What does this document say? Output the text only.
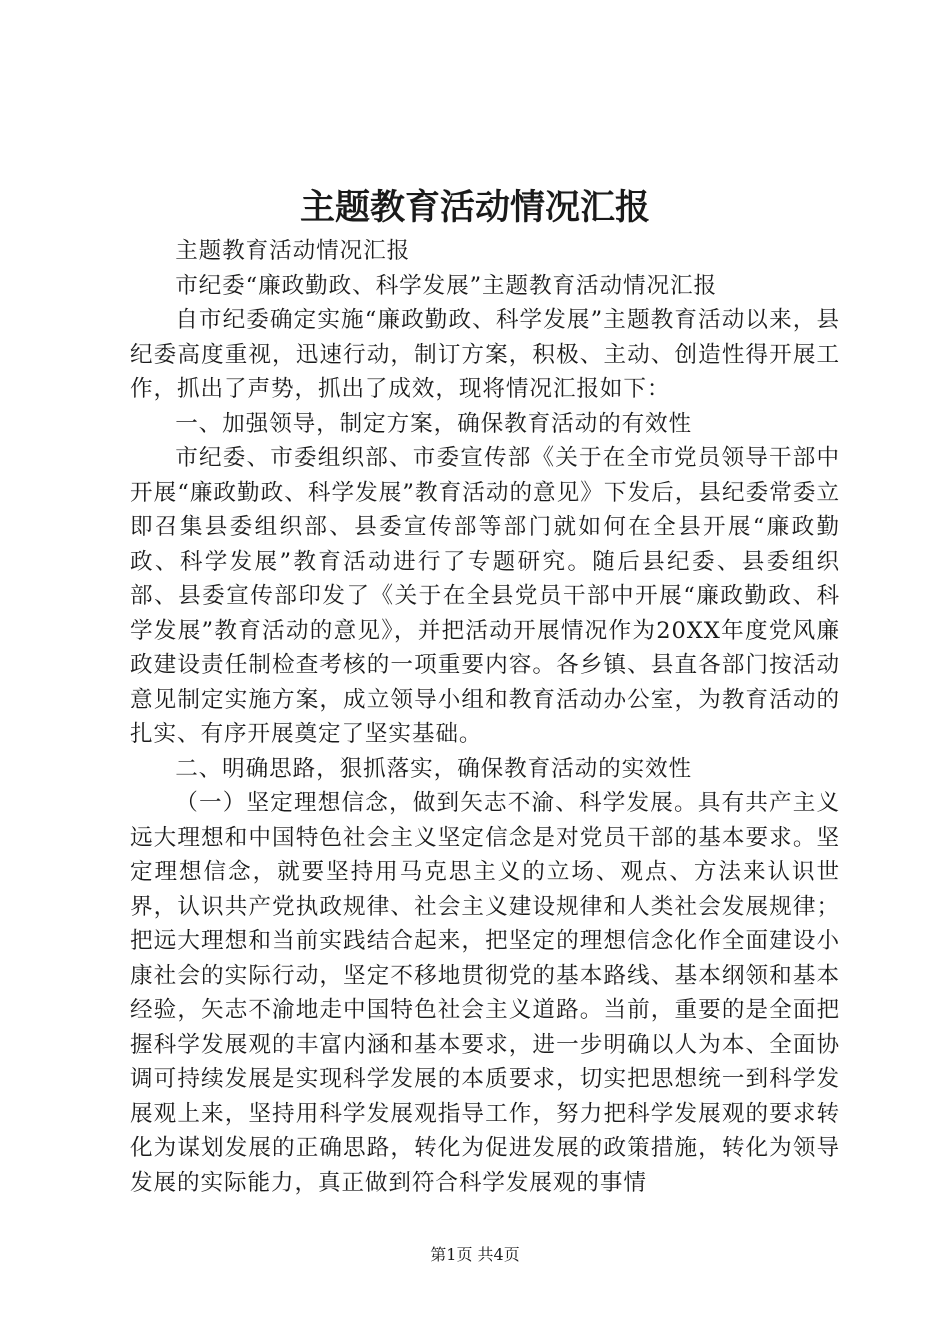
主题教育活动情况汇报

主题教育活动情况汇报

市纪委“廉政勤政、科学发展”主题教育活动情况汇报

自市纪委确定实施“廉政勤政、科学发展”主题教育活动以来，县纪委高度重视，迅速行动，制订方案，积极、主动、创造性得开展工作，抓出了声势，抓出了成效，现将情况汇报如下：

一、加强领导，制定方案，确保教育活动的有效性

市纪委、市委组织部、市委宣传部《关于在全市党员领导干部中开展“廉政勤政、科学发展”教育活动的意见》下发后，县纪委常委立即召集县委组织部、县委宣传部等部门就如何在全县开展“廉政勤政、科学发展”教育活动进行了专题研究。随后县纪委、县委组织部、县委宣传部印发了《关于在全县党员干部中开展“廉政勤政、科学发展”教育活动的意见》，并把活动开展情况作为20XX年度党风廉政建设责任制检查考核的一项重要内容。各乡镇、县直各部门按活动意见制定实施方案，成立领导小组和教育活动办公室，为教育活动的扎实、有序开展奠定了坚实基础。

二、明确思路，狠抓落实，确保教育活动的实效性

（一）坚定理想信念，做到矢志不渝、科学发展。具有共产主义远大理想和中国特色社会主义坚定信念是对党员干部的基本要求。坚定理想信念，就要坚持用马克思主义的立场、观点、方法来认识世界，认识共产党执政规律、社会主义建设规律和人类社会发展规律；把远大理想和当前实践结合起来，把坚定的理想信念化作全面建设小康社会的实际行动，坚定不移地贯彻党的基本路线、基本纲领和基本经验，矢志不渝地走中国特色社会主义道路。当前，重要的是全面把握科学发展观的丰富内涵和基本要求，进一步明确以人为本、全面协调可持续发展是实现科学发展的本质要求，切实把思想统一到科学发展观上来，坚持用科学发展观指导工作，努力把科学发展观的要求转化为谋划发展的正确思路，转化为促进发展的政策措施，转化为领导发展的实际能力，真正做到符合科学发展观的事情

第1页 共4页
